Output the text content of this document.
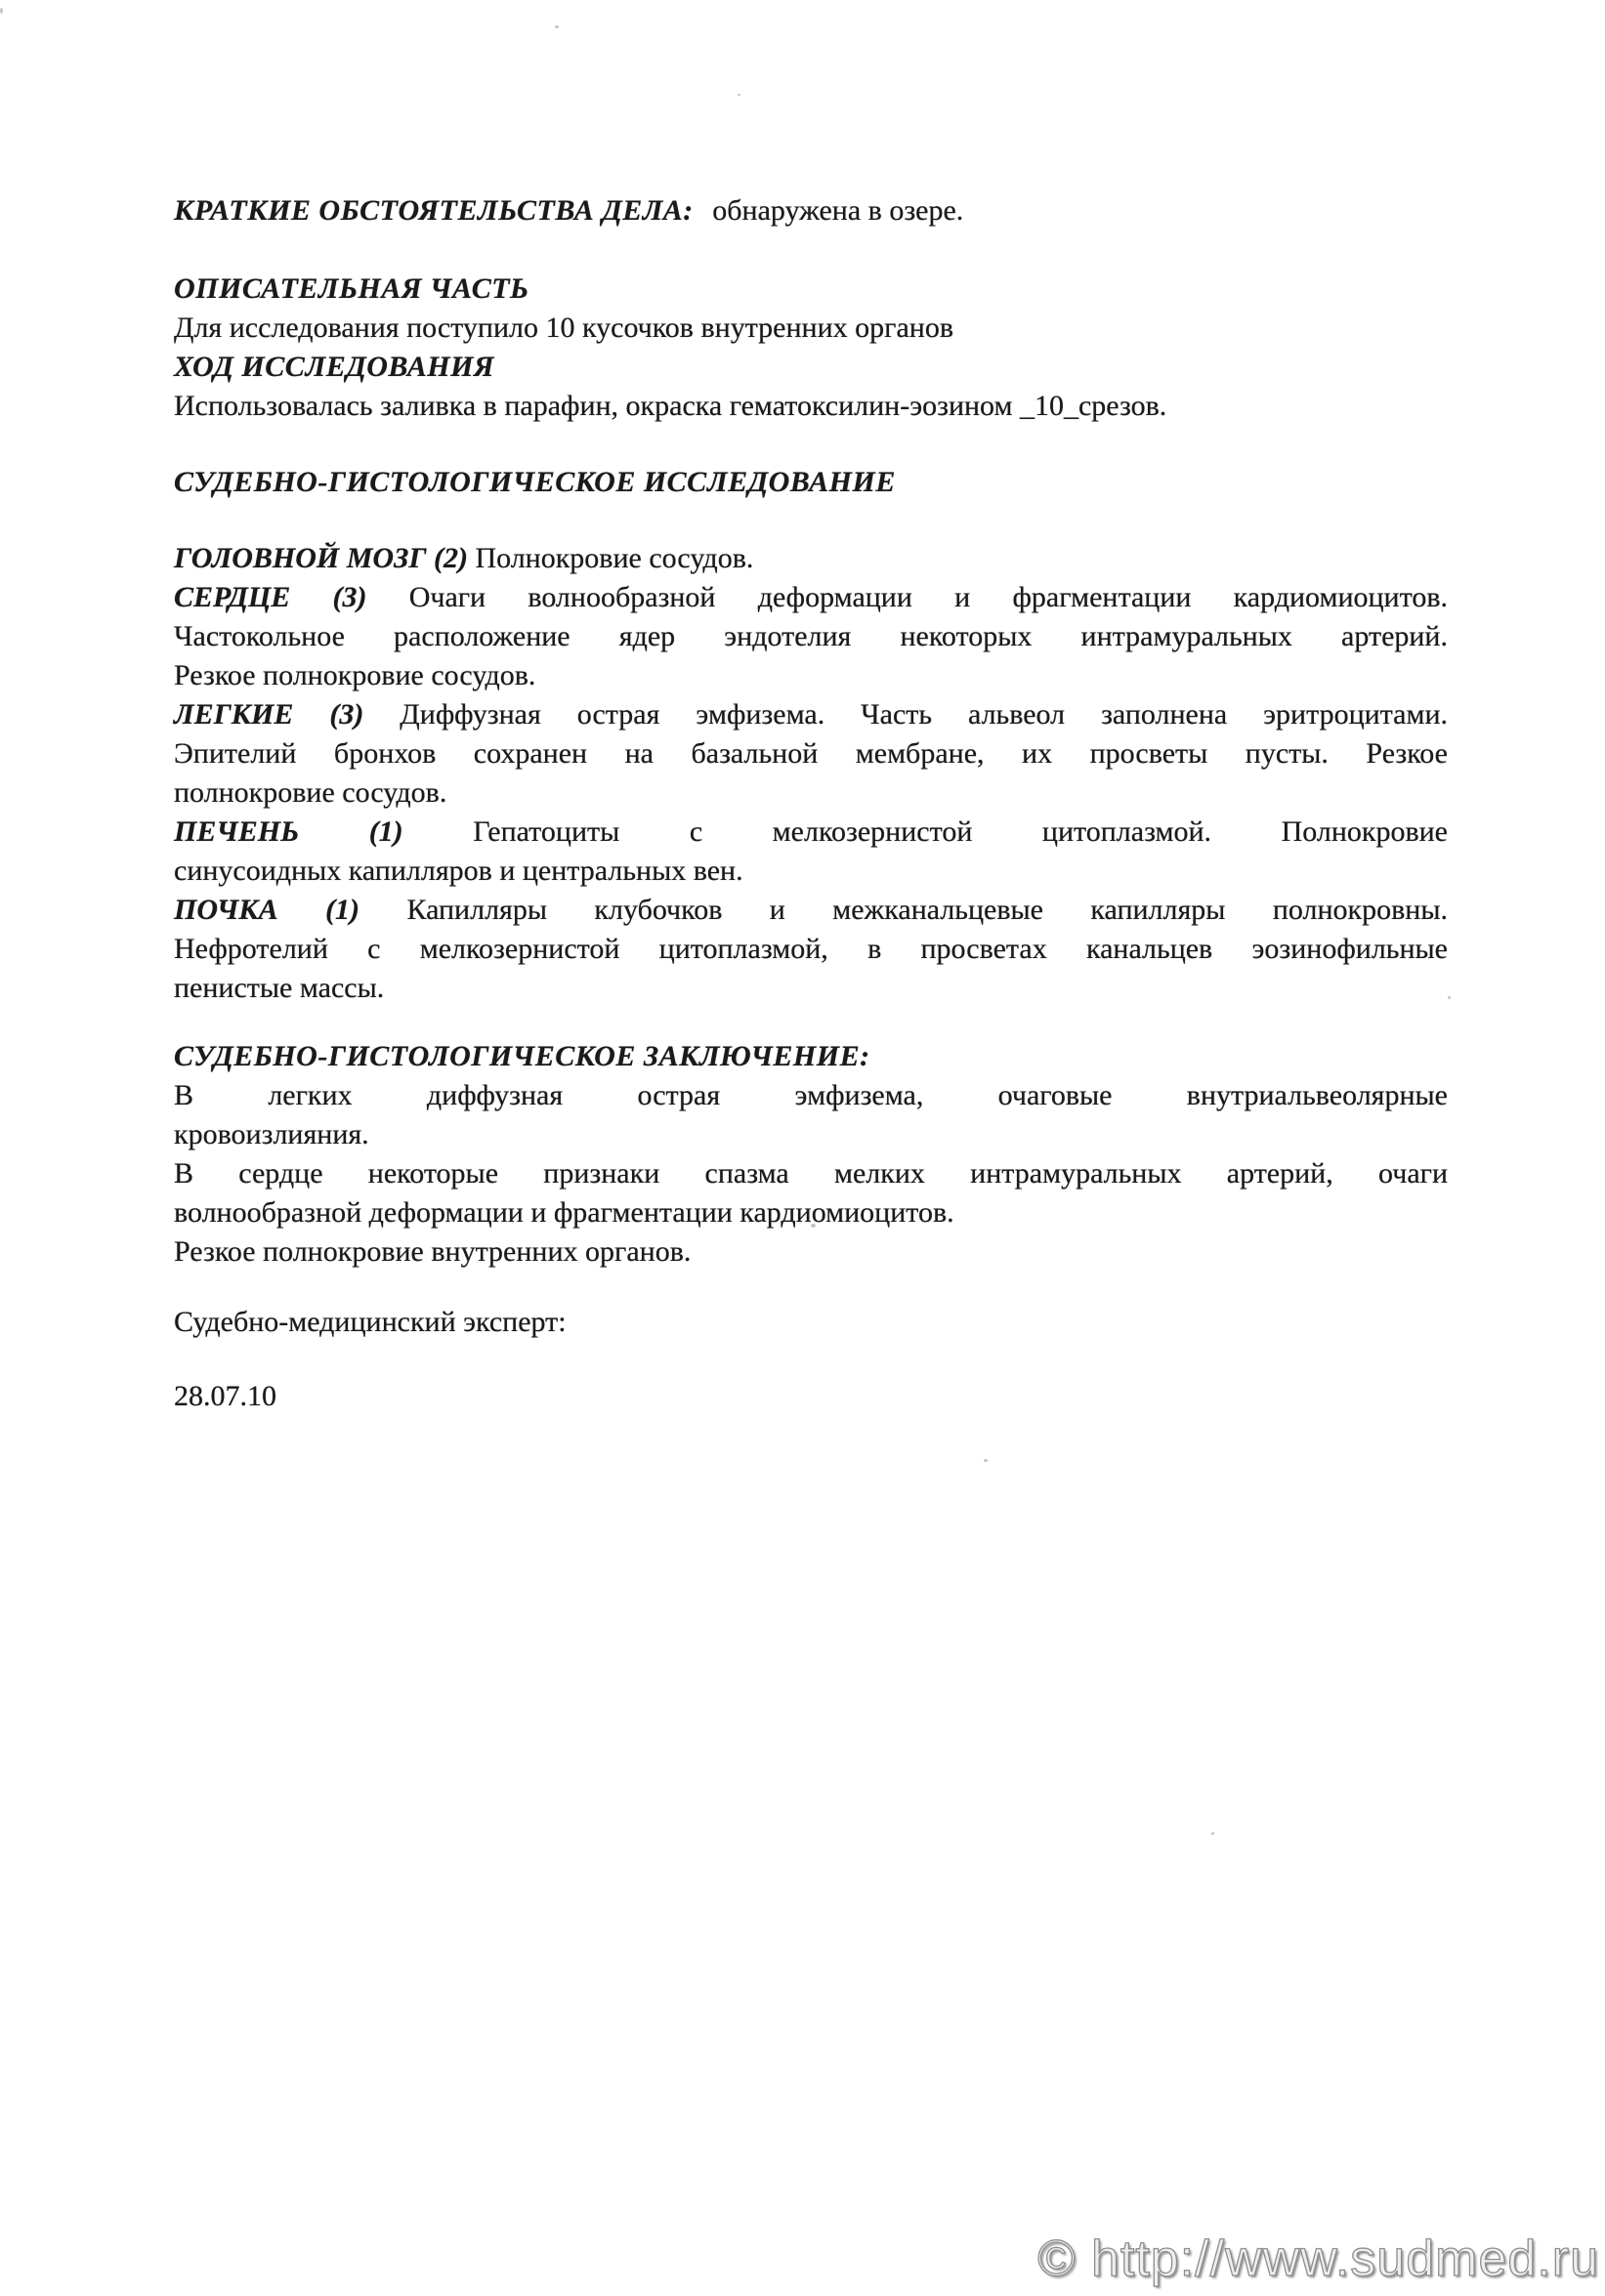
КРАТКИЕ ОБСТОЯТЕЛЬСТВА ДЕЛА: обнаружена в озере.
ОПИСАТЕЛЬНАЯ ЧАСТЬ
Для исследования поступило 10 кусочков внутренних органов
ХОД ИССЛЕДОВАНИЯ
Использовалась заливка в парафин, окраска гематоксилин-эозином _10_срезов.
СУДЕБНО-ГИСТОЛОГИЧЕСКОЕ ИССЛЕДОВАНИЕ
ГОЛОВНОЙ МОЗГ (2) Полнокровие сосудов.
СЕРДЦЕ (3) Очаги волнообразной деформации и фрагментации кардиомиоцитов.
Частокольное расположение ядер эндотелия некоторых интрамуральных артерий.
Резкое полнокровие сосудов.
ЛЕГКИЕ (3) Диффузная острая эмфизема. Часть альвеол заполнена эритроцитами.
Эпителий бронхов сохранен на базальной мембране, их просветы пусты. Резкое
полнокровие сосудов.
ПЕЧЕНЬ (1) Гепатоциты с мелкозернистой цитоплазмой. Полнокровие
синусоидных капилляров и центральных вен.
ПОЧКА (1) Капилляры клубочков и межканальцевые капилляры полнокровны.
Нефротелий с мелкозернистой цитоплазмой, в просветах канальцев эозинофильные
пенистые массы.
СУДЕБНО-ГИСТОЛОГИЧЕСКОЕ ЗАКЛЮЧЕНИЕ:
В легких диффузная острая эмфизема, очаговые внутриальвеолярные
кровоизлияния.
В сердце некоторые признаки спазма мелких интрамуральных артерий, очаги
волнообразной деформации и фрагментации кардиомиоцитов.
Резкое полнокровие внутренних органов.
Судебно-медицинский эксперт:
28.07.10
© http://www.sudmed.ru
